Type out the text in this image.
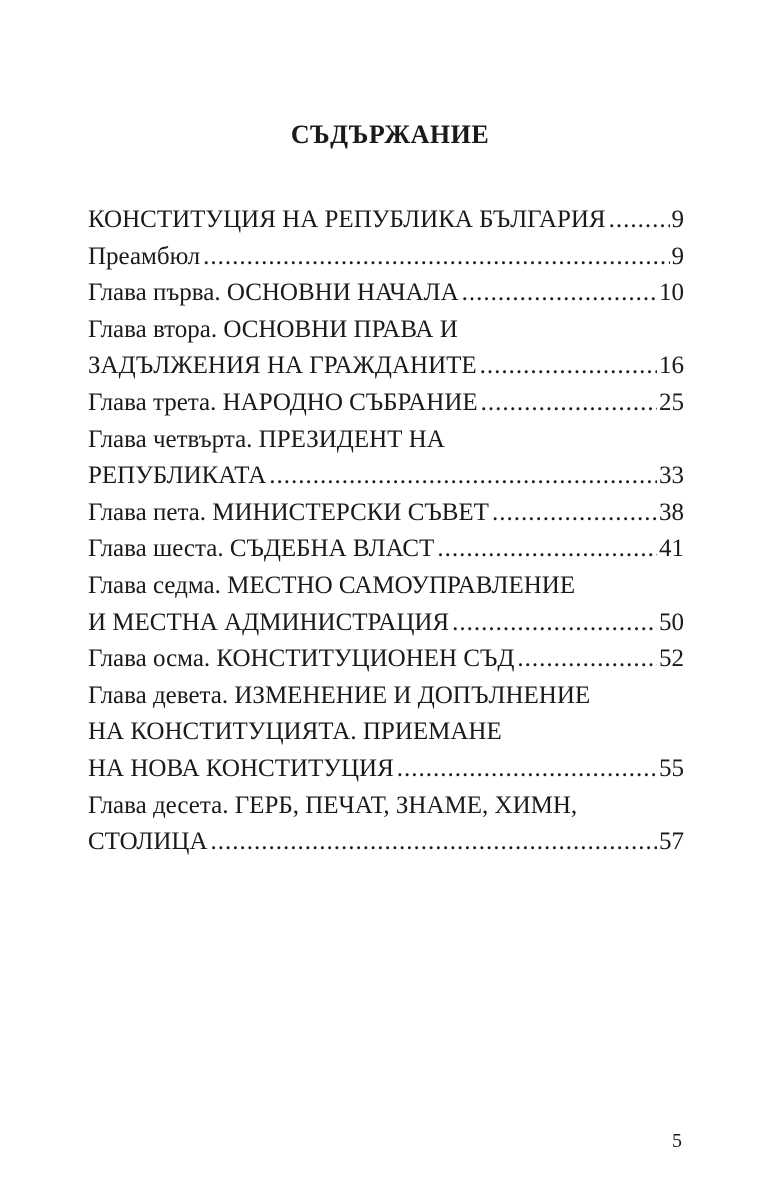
СЪДЪРЖАНИЕ
КОНСТИТУЦИЯ НА РЕПУБЛИКА БЪЛГАРИЯ .....	9
Преамбюл .....	9
Глава първа. ОСНОВНИ НАЧАЛА .....	10
Глава втора. ОСНОВНИ ПРАВА И
ЗАДЪЛЖЕНИЯ НА ГРАЖДАНИТЕ .....	16
Глава трета. НАРОДНО СЪБРАНИЕ .....	25
Глава четвърта. ПРЕЗИДЕНТ НА
РЕПУБЛИКАТА .....	33
Глава пета. МИНИСТЕРСКИ СЪВЕТ .....	38
Глава шеста. СЪДЕБНА ВЛАСТ .....	41
Глава седма. МЕСТНО САМОУПРАВЛЕНИЕ
И МЕСТНА АДМИНИСТРАЦИЯ .....	50
Глава осма. КОНСТИТУЦИОНЕН СЪД .....	52
Глава девета. ИЗМЕНЕНИЕ И ДОПЪЛНЕНИЕ
НА КОНСТИТУЦИЯТА. ПРИЕМАНЕ
НА НОВА КОНСТИТУЦИЯ .....	55
Глава десета. ГЕРБ, ПЕЧАТ, ЗНАМЕ, ХИМН,
СТОЛИЦА .....	57
5
